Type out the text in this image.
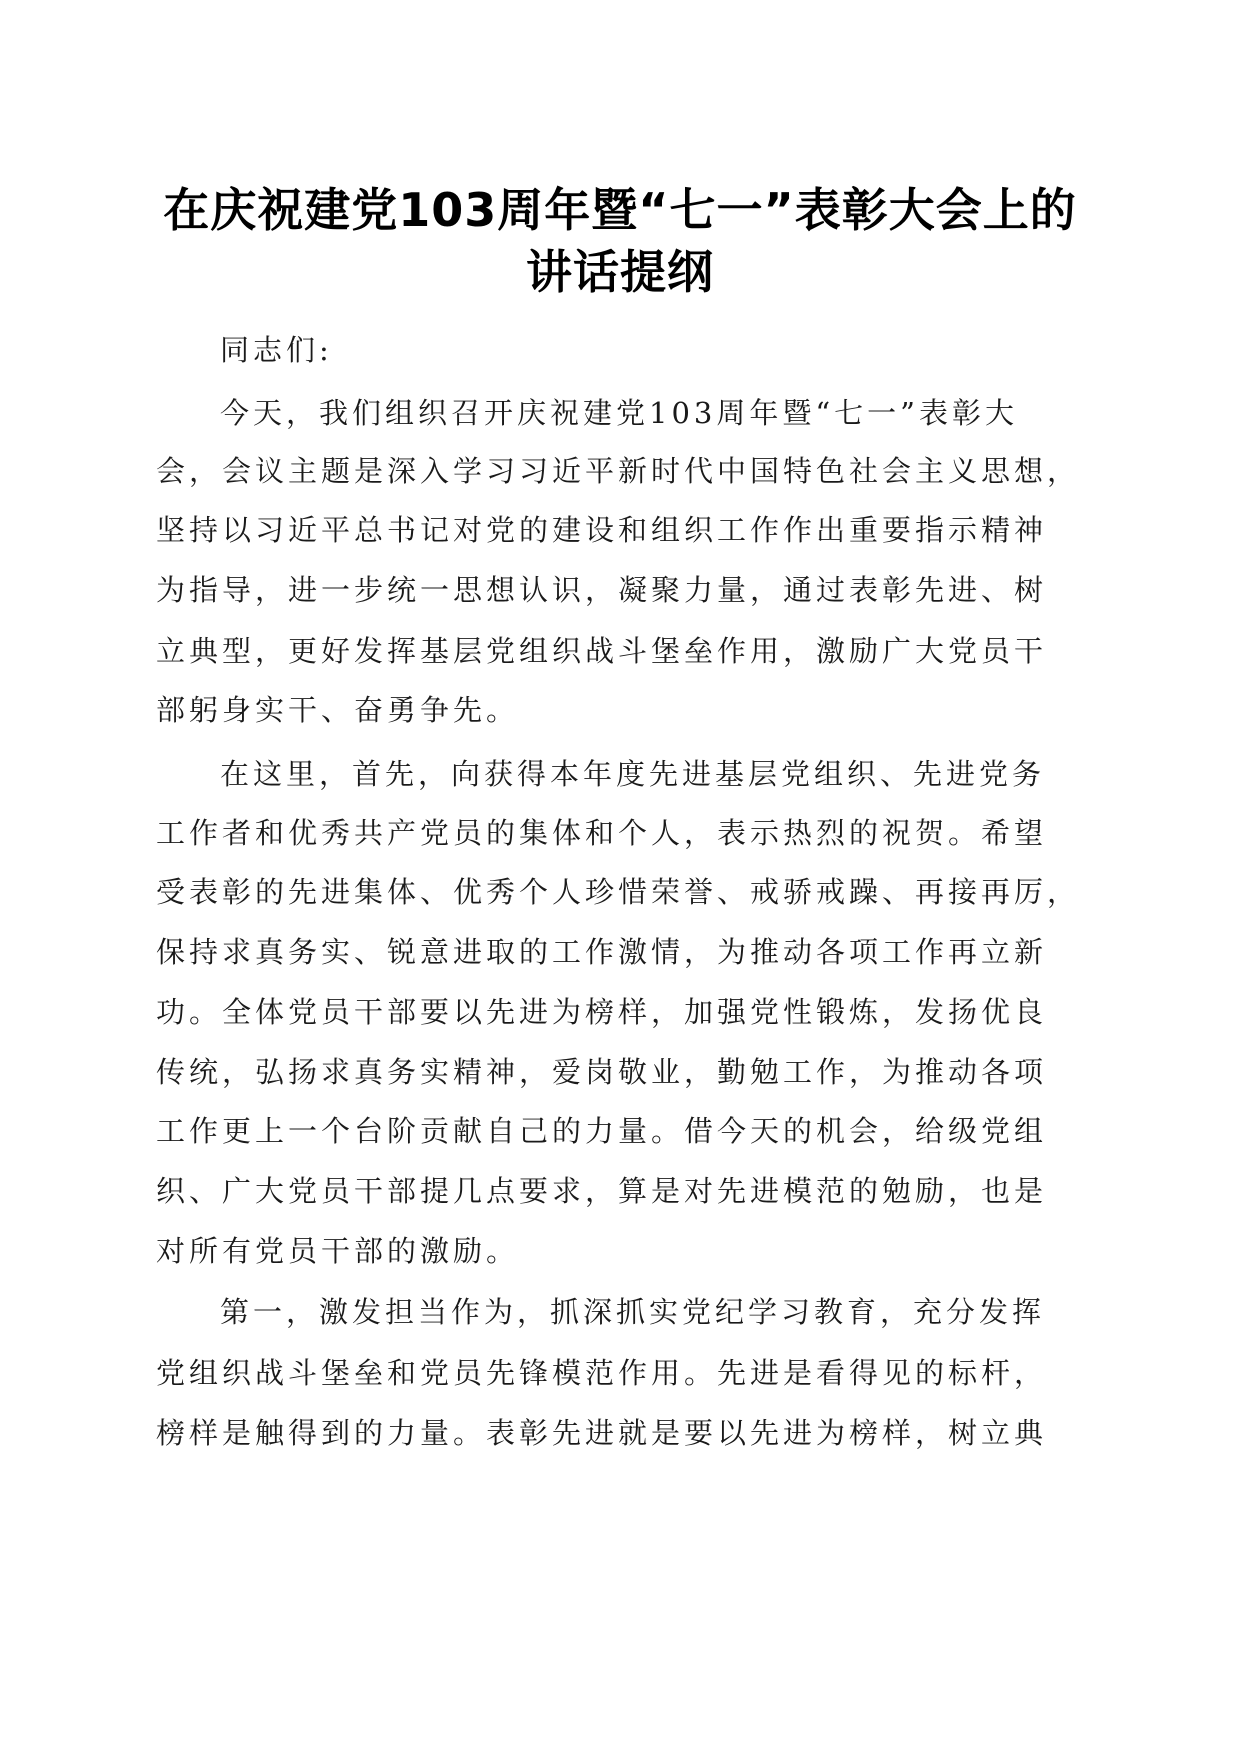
在庆祝建党103周年暨“七一”表彰大会上的
讲话提纲
同志们:
今天，我们组织召开庆祝建党103周年暨“七一”表彰大
会，会议主题是深入学习习近平新时代中国特色社会主义思想，
坚持以习近平总书记对党的建设和组织工作作出重要指示精神
为指导，进一步统一思想认识，凝聚力量，通过表彰先进、树
立典型，更好发挥基层党组织战斗堡垒作用，激励广大党员干
部躬身实干、奋勇争先。
在这里，首先，向获得本年度先进基层党组织、先进党务
工作者和优秀共产党员的集体和个人，表示热烈的祝贺。希望
受表彰的先进集体、优秀个人珍惜荣誉、戒骄戒躁、再接再厉，
保持求真务实、锐意进取的工作激情，为推动各项工作再立新
功。全体党员干部要以先进为榜样，加强党性锻炼，发扬优良
传统，弘扬求真务实精神，爱岗敬业，勤勉工作，为推动各项
工作更上一个台阶贡献自己的力量。借今天的机会，给级党组
织、广大党员干部提几点要求，算是对先进模范的勉励，也是
对所有党员干部的激励。
第一，激发担当作为，抓深抓实党纪学习教育，充分发挥
党组织战斗堡垒和党员先锋模范作用。先进是看得见的标杆，
榜样是触得到的力量。表彰先进就是要以先进为榜样，树立典
